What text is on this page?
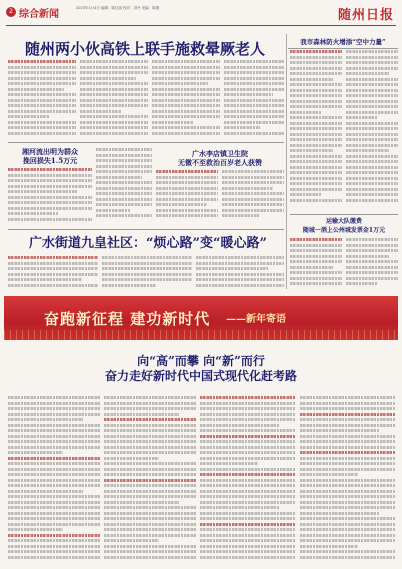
2 综合新闻
2023年1月4日 编辑：陈红丽 校对：刘丹 美编：陈刚	随州日报
随州两小伙高铁上联手施救晕厥老人	我市森林防火增添“空中力量”
湘河流出明为群众
挽回损失1.5万元
广水李店镇卫生院
无微不至救治百岁老人获赞
运输大队缴费
随城一酒上公州城发票金1万元
广水街道九皇社区：“烦心路”变“暖心路”
奋跑新征程 建功新时代 ——新年寄语
向“高”而攀 向“新”而行
奋力走好新时代中国式现代化赶考路
